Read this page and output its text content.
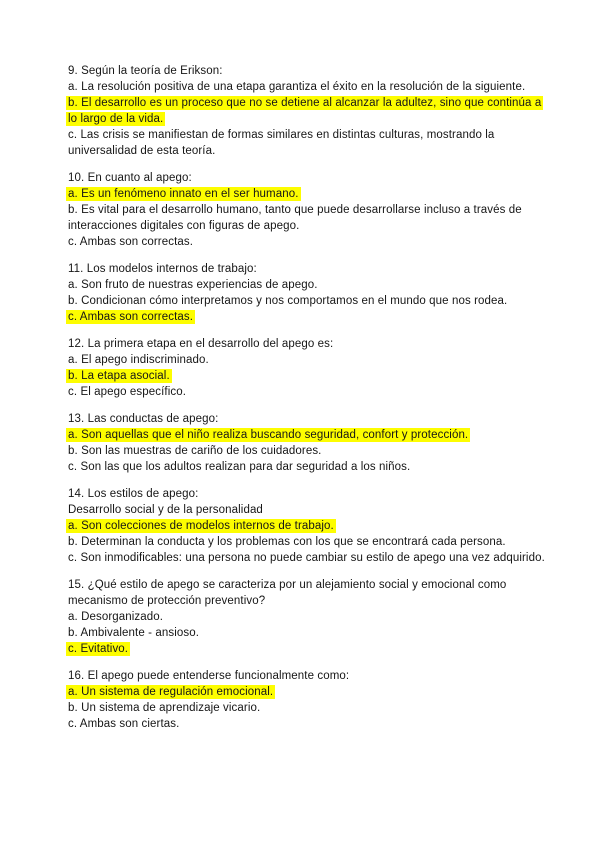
9. Según la teoría de Erikson:
a. La resolución positiva de una etapa garantiza el éxito en la resolución de la siguiente.
b. El desarrollo es un proceso que no se detiene al alcanzar la adultez, sino que continúa a
lo largo de la vida.
c. Las crisis se manifiestan de formas similares en distintas culturas, mostrando la
universalidad de esta teoría.
10. En cuanto al apego:
a. Es un fenómeno innato en el ser humano.
b. Es vital para el desarrollo humano, tanto que puede desarrollarse incluso a través de
interacciones digitales con figuras de apego.
c. Ambas son correctas.
11. Los modelos internos de trabajo:
a. Son fruto de nuestras experiencias de apego.
b. Condicionan cómo interpretamos y nos comportamos en el mundo que nos rodea.
c. Ambas son correctas.
12. La primera etapa en el desarrollo del apego es:
a. El apego indiscriminado.
b. La etapa asocial.
c. El apego específico.
13. Las conductas de apego:
a. Son aquellas que el niño realiza buscando seguridad, confort y protección.
b. Son las muestras de cariño de los cuidadores.
c. Son las que los adultos realizan para dar seguridad a los niños.
14. Los estilos de apego:
Desarrollo social y de la personalidad
a. Son colecciones de modelos internos de trabajo.
b. Determinan la conducta y los problemas con los que se encontrará cada persona.
c. Son inmodificables: una persona no puede cambiar su estilo de apego una vez adquirido.
15. ¿Qué estilo de apego se caracteriza por un alejamiento social y emocional como
mecanismo de protección preventivo?
a. Desorganizado.
b. Ambivalente - ansioso.
c. Evitativo.
16. El apego puede entenderse funcionalmente como:
a. Un sistema de regulación emocional.
b. Un sistema de aprendizaje vicario.
c. Ambas son ciertas.
